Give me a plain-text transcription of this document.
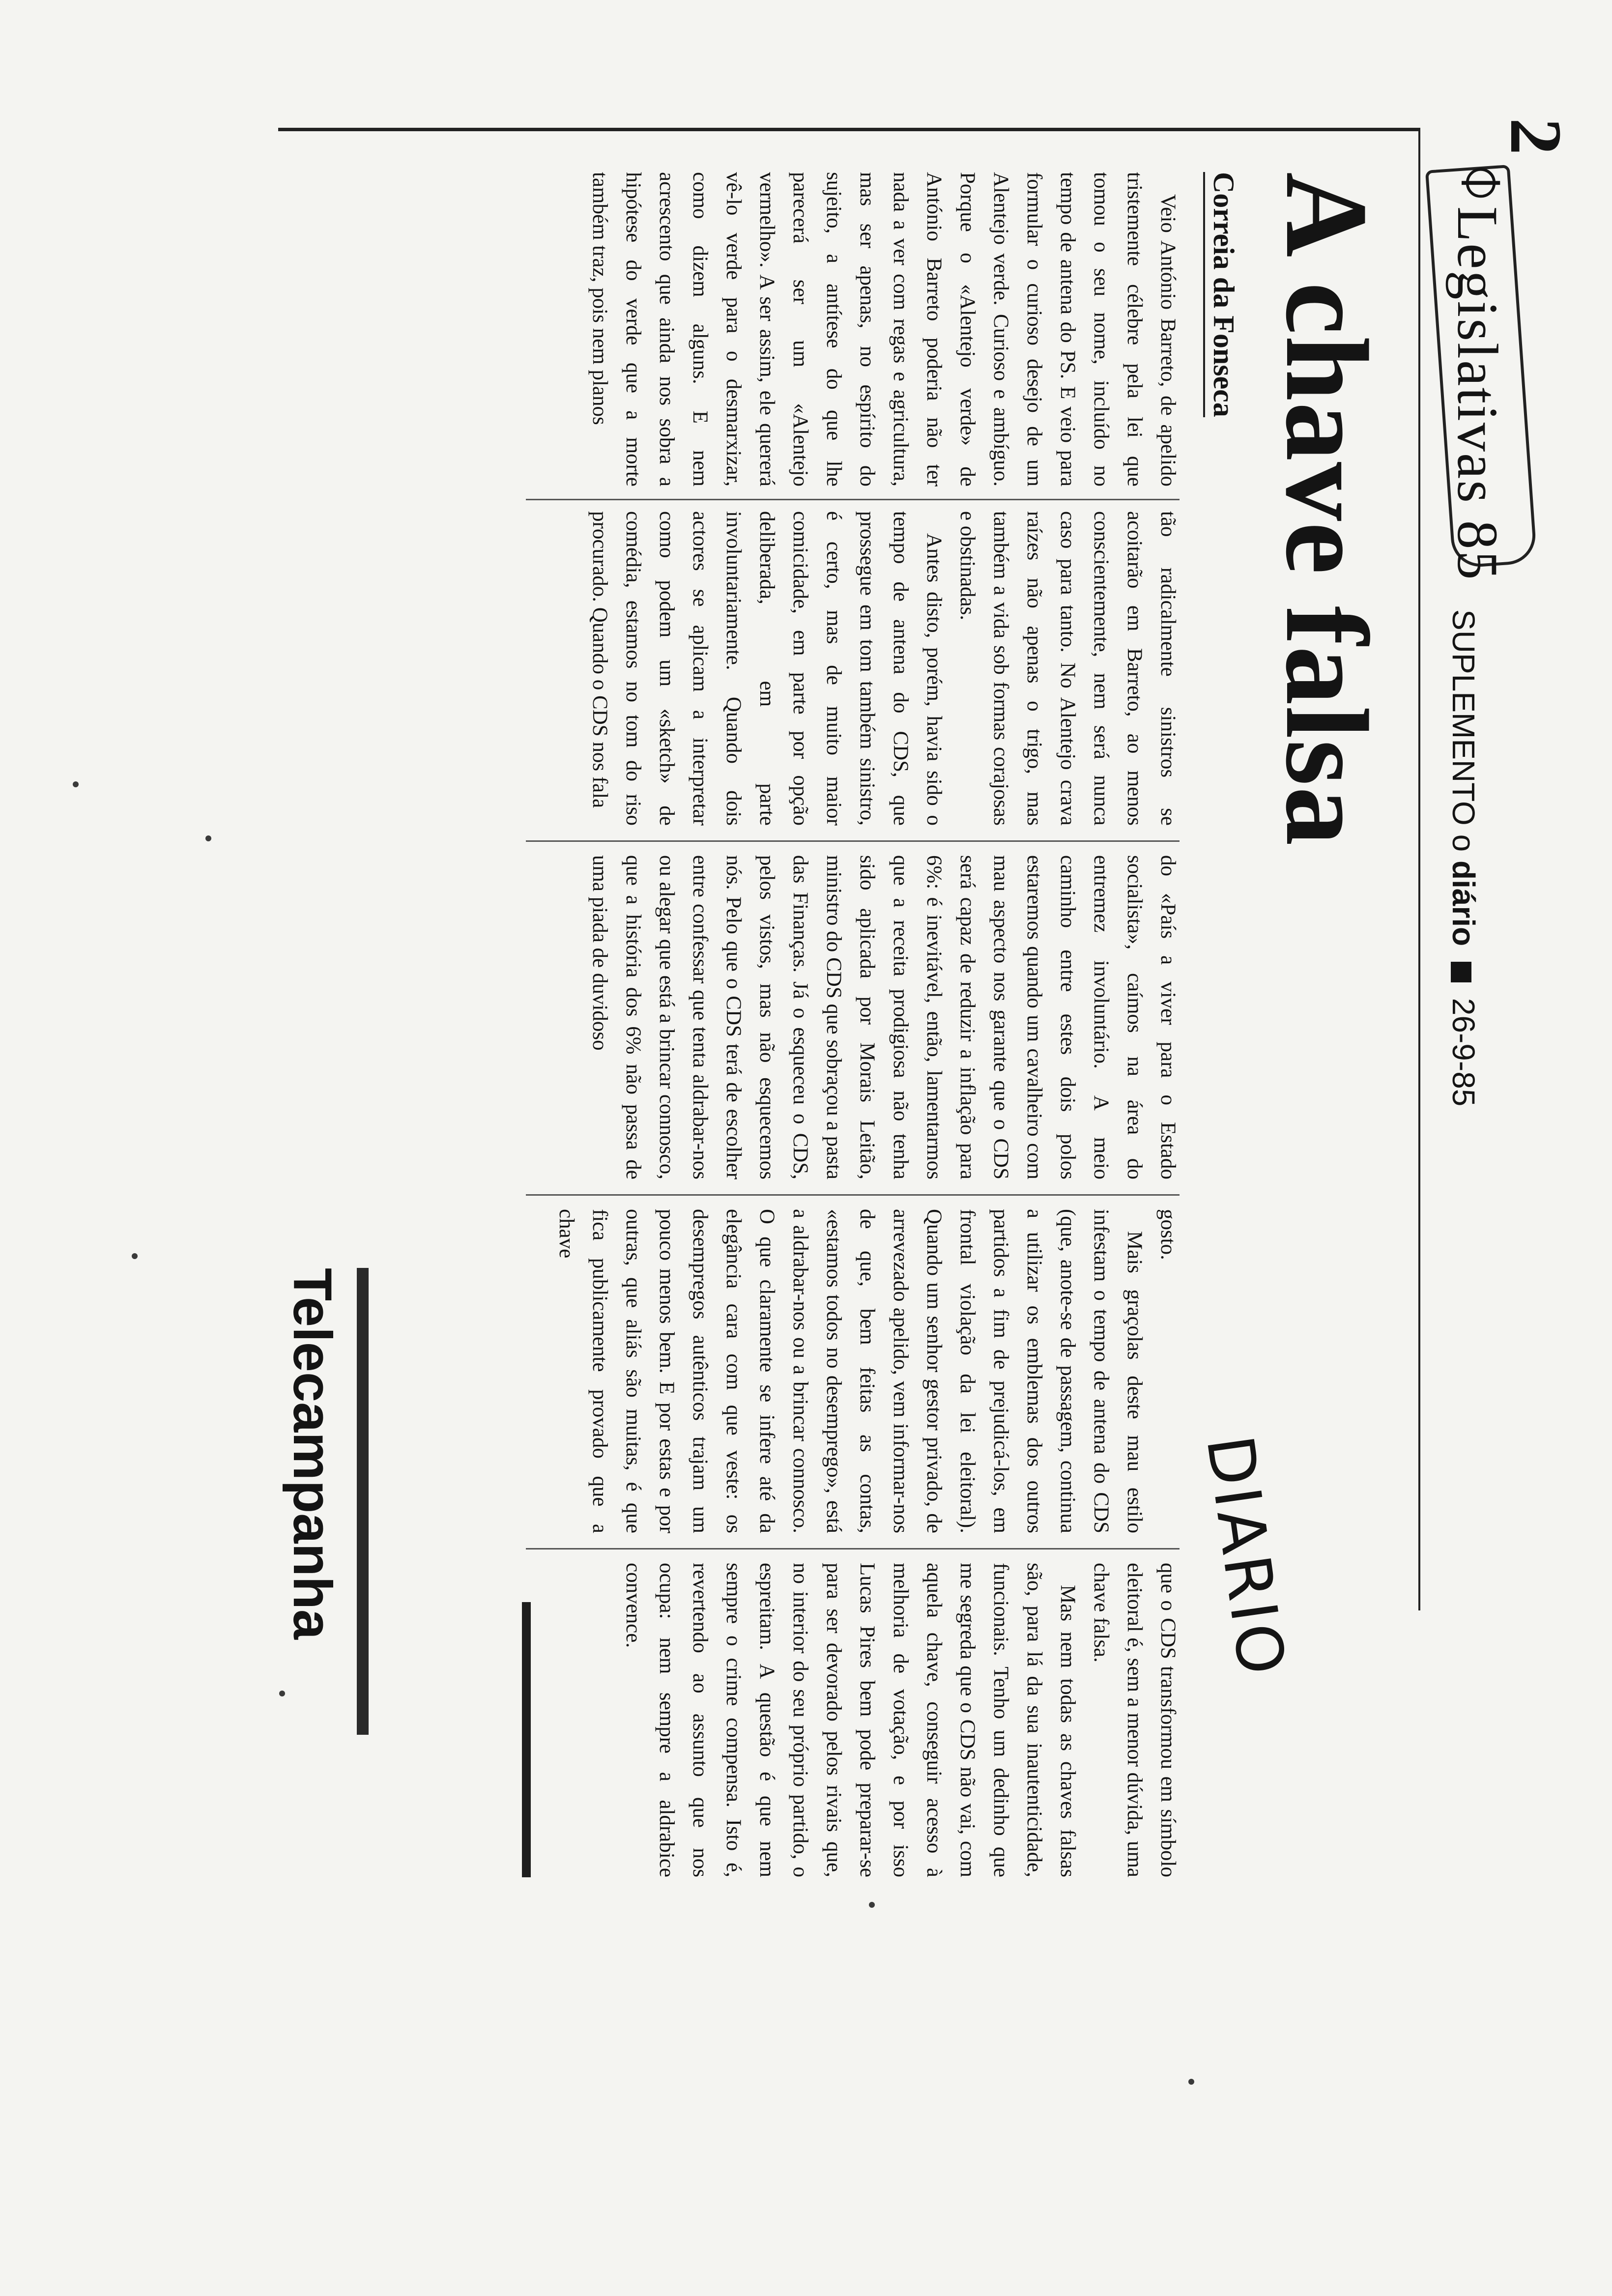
2
⌽
Legislativas 85
SUPLEMENTO o diário  26-9-85
A chave falsa
Correia da Fonseca
Telecampanha	DIARIO

Veio António Barreto, de apelido tristemente célebre pela lei que tomou o seu nome, incluído no tempo de antena do PS. E veio para formular o curioso desejo de um Alentejo verde. Curioso e ambíguo. Porque o «Alentejo verde» de António Barreto poderia não ter nada a ver com regas e agricultura, mas ser apenas, no espírito do sujeito, a antítese do que lhe parecerá ser um «Alentejo vermelho». A ser assim, ele quererá vê-lo verde para o desmarxizar, como dizem alguns. E nem acrescento que ainda nos sobra a hipótese do verde que a morte também traz, pois nem planos

tão radicalmente sinistros se acoitarão em Barreto, ao menos conscientemente, nem será nunca caso para tanto. No Alentejo crava raízes não apenas o trigo, mas também a vida sob formas corajosas e obstinadas.

Antes disto, porém, havia sido o tempo de antena do CDS, que prossegue em tom também sinistro, é certo, mas de muito maior comicidade, em parte por opção deliberada, em parte involuntariamente. Quando dois actores se aplicam a interpretar como podem um «sketch» de comédia, estamos no tom do riso procurado. Quando o CDS nos fala

do «País a viver para o Estado socialista», caímos na área do entremez involuntário. A meio caminho entre estes dois polos estaremos quando um cavalheiro com mau aspecto nos garante que o CDS será capaz de reduzir a inflação para 6%: é inevitável, então, lamentarmos que a receita prodigiosa não tenha sido aplicada por Morais Leitão, ministro do CDS que sobraçou a pasta das Finanças. Já o esqueceu o CDS, pelos vistos, mas não esquecemos nós. Pelo que o CDS terá de escolher entre confessar que tenta aldrabar-nos ou alegar que está a brincar connosco, que a história dos 6% não passa de uma piada de duvidoso

gosto.

Mais graçolas deste mau estilo infestam o tempo de antena do CDS (que, anote-se de passagem, continua a utilizar os emblemas dos outros partidos a fim de prejudicá-los, em frontal violação da lei eleitoral). Quando um senhor gestor privado, de arrevezado apelido, vem informar-nos de que, bem feitas as contas, «estamos todos no desemprego», está a aldrabar-nos ou a brincar connosco. O que claramente se infere até da elegância cara com que veste: os desempregos autênticos trajam um pouco menos bem. E por estas e por outras, que aliás são muitas, é que fica publicamente provado que a chave

que o CDS transformou em símbolo eleitoral é, sem a menor dúvida, uma chave falsa.

Mas nem todas as chaves falsas são, para lá da sua inautenticidade, funcionais. Tenho um dedinho que me segreda que o CDS não vai, com aquela chave, conseguir acesso à melhoria de votação, e por isso Lucas Pires bem pode preparar-se para ser devorado pelos rivais que, no interior do seu próprio partido, o espreitam. A questão é que nem sempre o crime compensa. Isto é, revertendo ao assunto que nos ocupa: nem sempre a aldrabice convence.
